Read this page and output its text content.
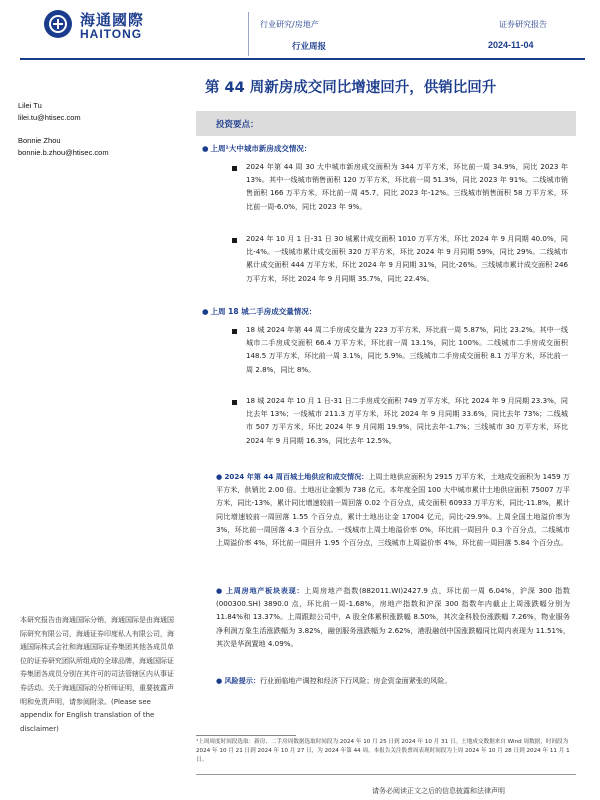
海通國際
HAITONG
行业研究/房地产
行业周报
证券研究报告
2024-11-04
第 44 周新房成交同比增速回升，供销比回升
Lilei Tu
lilei.tu@htisec.com
Bonnie Zhou
bonnie.b.zhou@htisec.com
投资要点：
● 上周¹大中城市新房成交情况：
2024 年第 44 周 30 大中城市新房成交面积为 344 万平方米，环比前一周 34.9%，同比 2023 年 13%。其中一线城市销售面积 120 万平方米，环比前一周 51.3%，同比 2023 年 91%。二线城市销售面积 166 万平方米，环比前一周 45.7、同比 2023 年-12%。三线城市销售面积 58 万平方米，环比前一周-6.0%，同比 2023 年 9%。
2024 年 10 月 1 日-31 日 30 城累计成交面积 1010 万平方米，环比 2024 年 9 月同期 40.0%，同比-4%。一线城市累计成交面积 320 万平方米，环比 2024 年 9 月同期 59%，同比 29%。二线城市累计成交面积 444 万平方米，环比 2024 年 9 月同期 31%，同比-26%。三线城市累计成交面积 246 万平方米，环比 2024 年 9 月同期 35.7%，同比 22.4%。
● 上周 18 城二手房成交量情况：
18 城 2024 年第 44 周二手房成交量为 223 万平方米，环比前一周 5.87%，同比 23.2%。其中一线城市二手房成交面积 66.4 万平方米，环比前一周 13.1%，同比 100%。二线城市二手房成交面积 148.5 万平方米，环比前一周 3.1%，同比 5.9%。三线城市二手房成交面积 8.1 万平方米，环比前一周 2.8%，同比 8%。
18 城 2024 年 10 月 1 日-31 日二手房成交面积 749 万平方米，环比 2024 年 9 月同期 23.3%，同比去年 13%；一线城市 211.3 万平方米，环比 2024 年 9 月同期 33.6%，同比去年 73%；二线城市 507 万平方米，环比 2024 年 9 月同期 19.9%，同比去年-1.7%；三线城市 30 万平方米，环比 2024 年 9 月同期 16.3%，同比去年 12.5%。
● 2024 年第 44 周百城土地供应和成交情况：上周土地供应面积为 2915 万平方米，土地成交面积为 1459 万平方米，供销比 2.00 倍。土地出让金额为 738 亿元。本年度全国 100 大中城市累计土地供应面积 75007 万平方米，同比-13%，累计同比增速较前一周回落 0.02 个百分点，成交面积 60933 万平方米，同比-11.8%，累计同比增速较前一周回落 1.55 个百分点，累计土地出让金 17004 亿元，同比-29.9%。上周全国土地溢价率为 3%，环比前一周回落 4.3 个百分点。一线城市上周土地溢价率 0%，环比前一周回升 0.3 个百分点，二线城市上周溢价率 4%，环比前一周回升 1.95 个百分点，三线城市上周溢价率 4%，环比前一周回落 5.84 个百分点。
● 上周房地产板块表现：上周房地产指数(882011.WI)2427.9 点，环比前一周 6.04%，沪深 300 指数(000300.SH) 3890.0 点，环比前一周-1.68%，房地产指数和沪深 300 指数年内截止上周涨跌幅分别为 11.84%和 13.37%。上周跟踪公司中，A 股全体累积涨跌幅 8.50%，其次金科股份涨跌幅 7.26%，物业服务净利润万象生活涨跌幅为 3.82%，融创服务涨跌幅为 2.62%，港股融创中国涨跌幅同比周内表现为 11.51%，其次是华润置地 4.09%。
● 风险提示：行业面临地产调控和经济下行风险；房企资金面紧张的风险。
本研究报告由海通国际分销，海通国际是由海通国际研究有限公司，海通证券印度私人有限公司，海通国际株式会社和海通国际证券集团其他各成员单位的证券研究团队所组成的全球品牌，海通国际证券集团各成员分别在其许可的司法管辖区内从事证券活动。关于海通国际的分析师证明，重要披露声明和免责声明，请参阅附录。(Please see appendix for English translation of the disclaimer)
¹上周周度时间段选取：新房、二手房周数据选取时间段为 2024 年 10 月 25 日到 2024 年 10 月 31 日。土地成交数据来自 Wind 周数据，时间段为 2024 年 10 月 21 日到 2024 年 10 月 27 日，为 2024 年第 44 周。本报告关注股票周表现时间段为上周 2024 年 10 月 28 日到 2024 年 11 月 1 日。
请务必阅读正文之后的信息披露和法律声明
